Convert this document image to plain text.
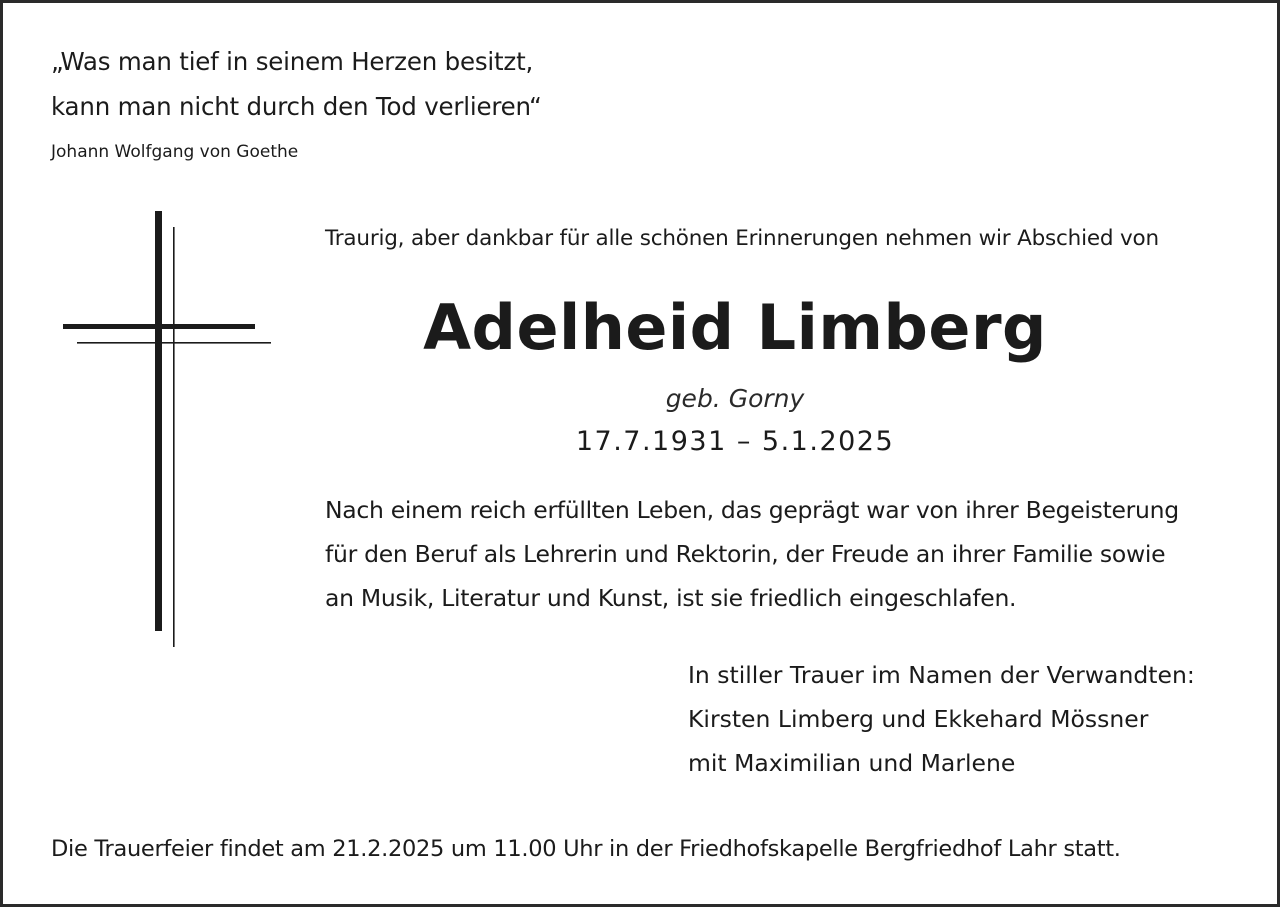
„Was man tief in seinem Herzen besitzt,
kann man nicht durch den Tod verlieren“
Johann Wolfgang von Goethe
Traurig, aber dankbar für alle schönen Erinnerungen nehmen wir Abschied von
Adelheid Limberg
geb. Gorny
17.7.1931 – 5.1.2025
Nach einem reich erfüllten Leben, das geprägt war von ihrer Begeisterung
für den Beruf als Lehrerin und Rektorin, der Freude an ihrer Familie sowie
an Musik, Literatur und Kunst, ist sie friedlich eingeschlafen.
In stiller Trauer im Namen der Verwandten:
Kirsten Limberg und Ekkehard Mössner
mit Maximilian und Marlene
Die Trauerfeier findet am 21.2.2025 um 11.00 Uhr in der Friedhofskapelle Bergfriedhof Lahr statt.
